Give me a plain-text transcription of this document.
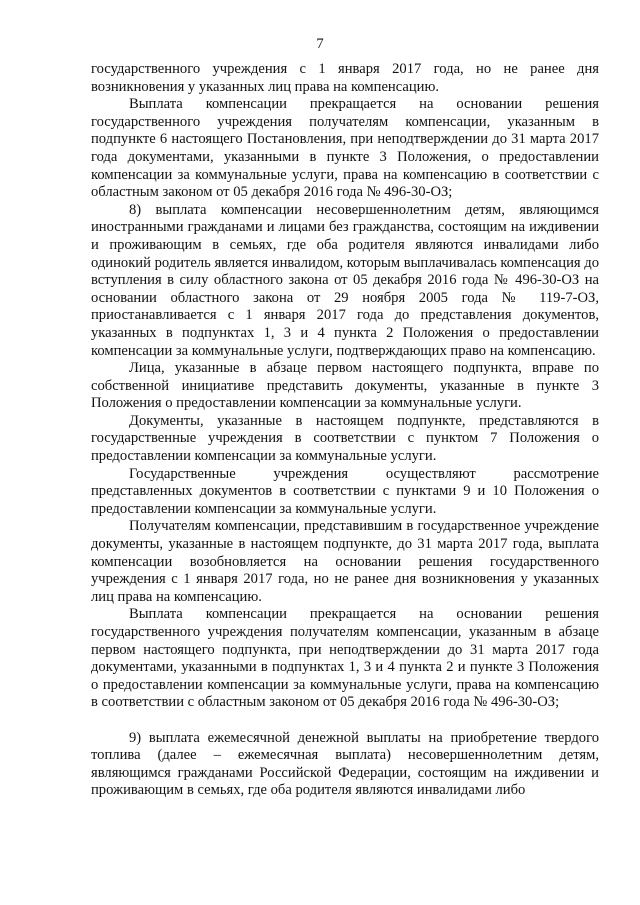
7

государственного учреждения с 1 января 2017 года, но не ранее дня возникновения у указанных лиц права на компенсацию.

Выплата компенсации прекращается на основании решения государственного учреждения получателям компенсации, указанным в подпункте 6 настоящего Постановления, при неподтверждении до 31 марта 2017 года документами, указанными в пункте 3 Положения, о предоставлении компенсации за коммунальные услуги, права на компенсацию в соответствии с областным законом от 05 декабря 2016 года № 496-30-ОЗ;

8) выплата компенсации несовершеннолетним детям, являющимся иностранными гражданами и лицами без гражданства, состоящим на иждивении и проживающим в семьях, где оба родителя являются инвалидами либо одинокий родитель является инвалидом, которым выплачивалась компенсация до вступления в силу областного закона от 05 декабря 2016 года № 496-30-ОЗ на основании областного закона от 29 ноября 2005 года № 119-7-ОЗ, приостанавливается с 1 января 2017 года до представления документов, указанных в подпунктах 1, 3 и 4 пункта 2 Положения о предоставлении компенсации за коммунальные услуги, подтверждающих право на компенсацию.

Лица, указанные в абзаце первом настоящего подпункта, вправе по собственной инициативе представить документы, указанные в пункте 3 Положения о предоставлении компенсации за коммунальные услуги.

Документы, указанные в настоящем подпункте, представляются в государственные учреждения в соответствии с пунктом 7 Положения о предоставлении компенсации за коммунальные услуги.

Государственные учреждения осуществляют рассмотрение представленных документов в соответствии с пунктами 9 и 10 Положения о предоставлении компенсации за коммунальные услуги.

Получателям компенсации, представившим в государственное учреждение документы, указанные в настоящем подпункте, до 31 марта 2017 года, выплата компенсации возобновляется на основании решения государственного учреждения с 1 января 2017 года, но не ранее дня возникновения у указанных лиц права на компенсацию.

Выплата компенсации прекращается на основании решения государственного учреждения получателям компенсации, указанным в абзаце первом настоящего подпункта, при неподтверждении до 31 марта 2017 года документами, указанными в подпунктах 1, 3 и 4 пункта 2 и пункте 3 Положения о предоставлении компенсации за коммунальные услуги, права на компенсацию в соответствии с областным законом от 05 декабря 2016 года № 496-30-ОЗ;

9) выплата ежемесячной денежной выплаты на приобретение твердого топлива (далее – ежемесячная выплата) несовершеннолетним детям, являющимся гражданами Российской Федерации, состоящим на иждивении и проживающим в семьях, где оба родителя являются инвалидами либо
